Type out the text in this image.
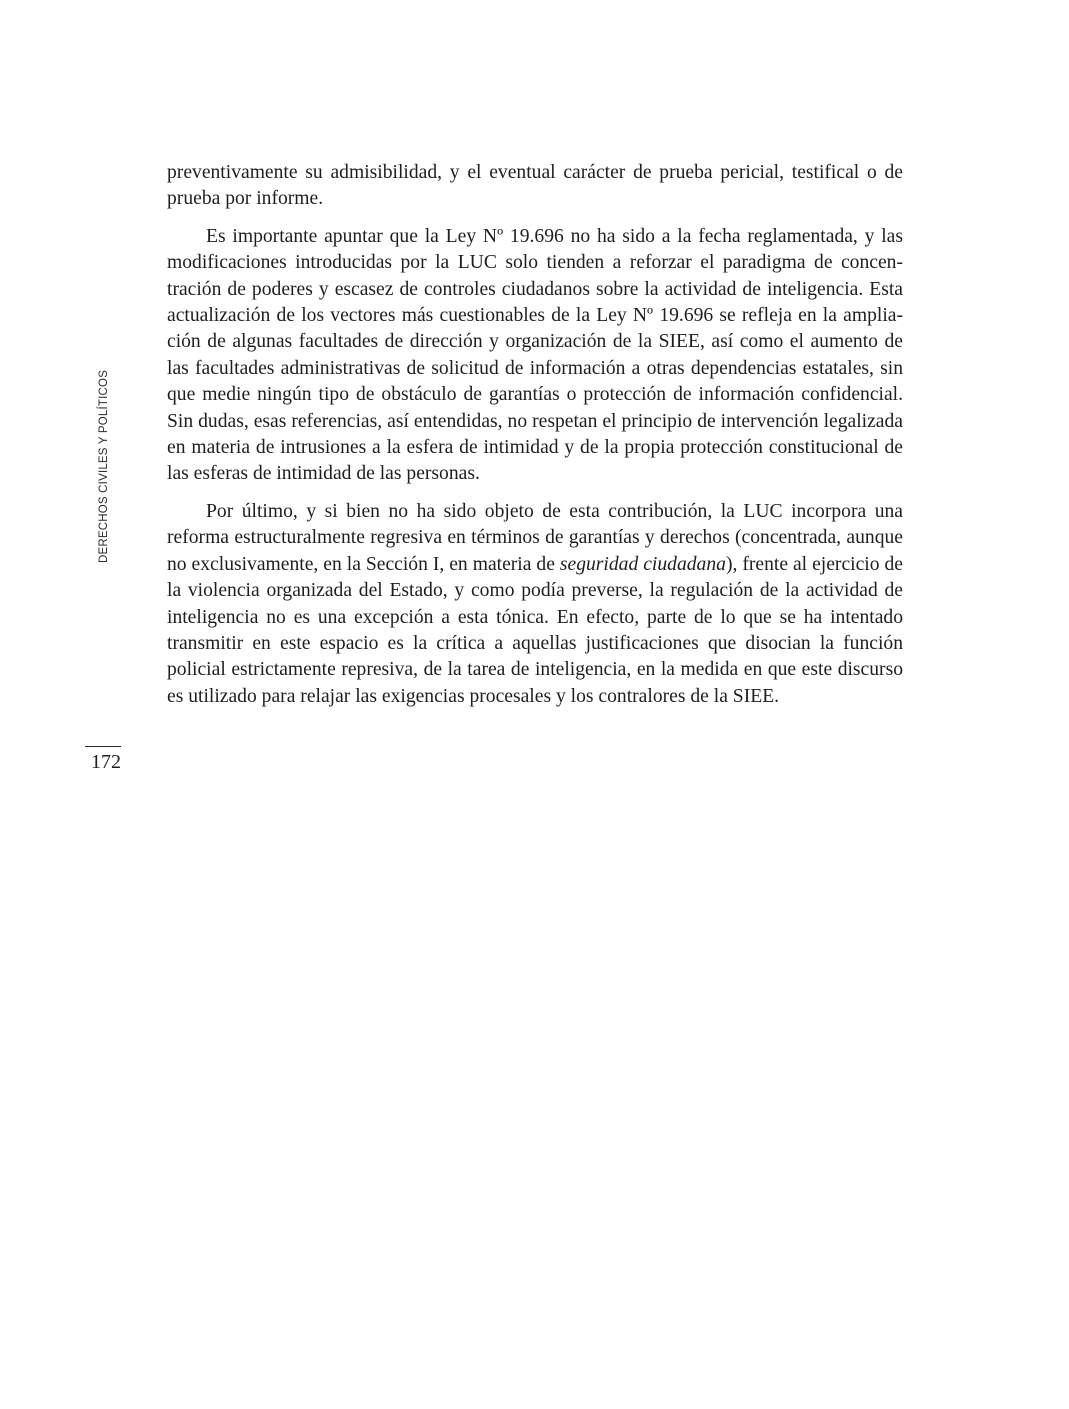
DERECHOS CIVILES Y POLÍTICOS

preventivamente su admisibilidad, y el eventual carácter de prueba pericial, testifical o de prueba por informe.

Es importante apuntar que la Ley Nº 19.696 no ha sido a la fecha reglamentada, y las modificaciones introducidas por la LUC solo tienden a reforzar el paradigma de concentración de poderes y escasez de controles ciudadanos sobre la actividad de inteligencia. Esta actualización de los vectores más cuestionables de la Ley Nº 19.696 se refleja en la ampliación de algunas facultades de dirección y organización de la SIEE, así como el aumento de las facultades administrativas de solicitud de información a otras dependencias estatales, sin que medie ningún tipo de obstáculo de garantías o protección de información confidencial. Sin dudas, esas referencias, así entendidas, no respetan el principio de intervención legalizada en materia de intrusiones a la esfera de intimidad y de la propia protección constitucional de las esferas de intimidad de las personas.

Por último, y si bien no ha sido objeto de esta contribución, la LUC incorpora una reforma estructuralmente regresiva en términos de garantías y derechos (concentrada, aunque no exclusivamente, en la Sección I, en materia de seguridad ciudadana), frente al ejercicio de la violencia organizada del Estado, y como podía preverse, la regulación de la actividad de inteligencia no es una excepción a esta tónica. En efecto, parte de lo que se ha intentado transmitir en este espacio es la crítica a aquellas justificaciones que disocian la función policial estrictamente represiva, de la tarea de inteligencia, en la medida en que este discurso es utilizado para relajar las exigencias procesales y los contralores de la SIEE.

172
